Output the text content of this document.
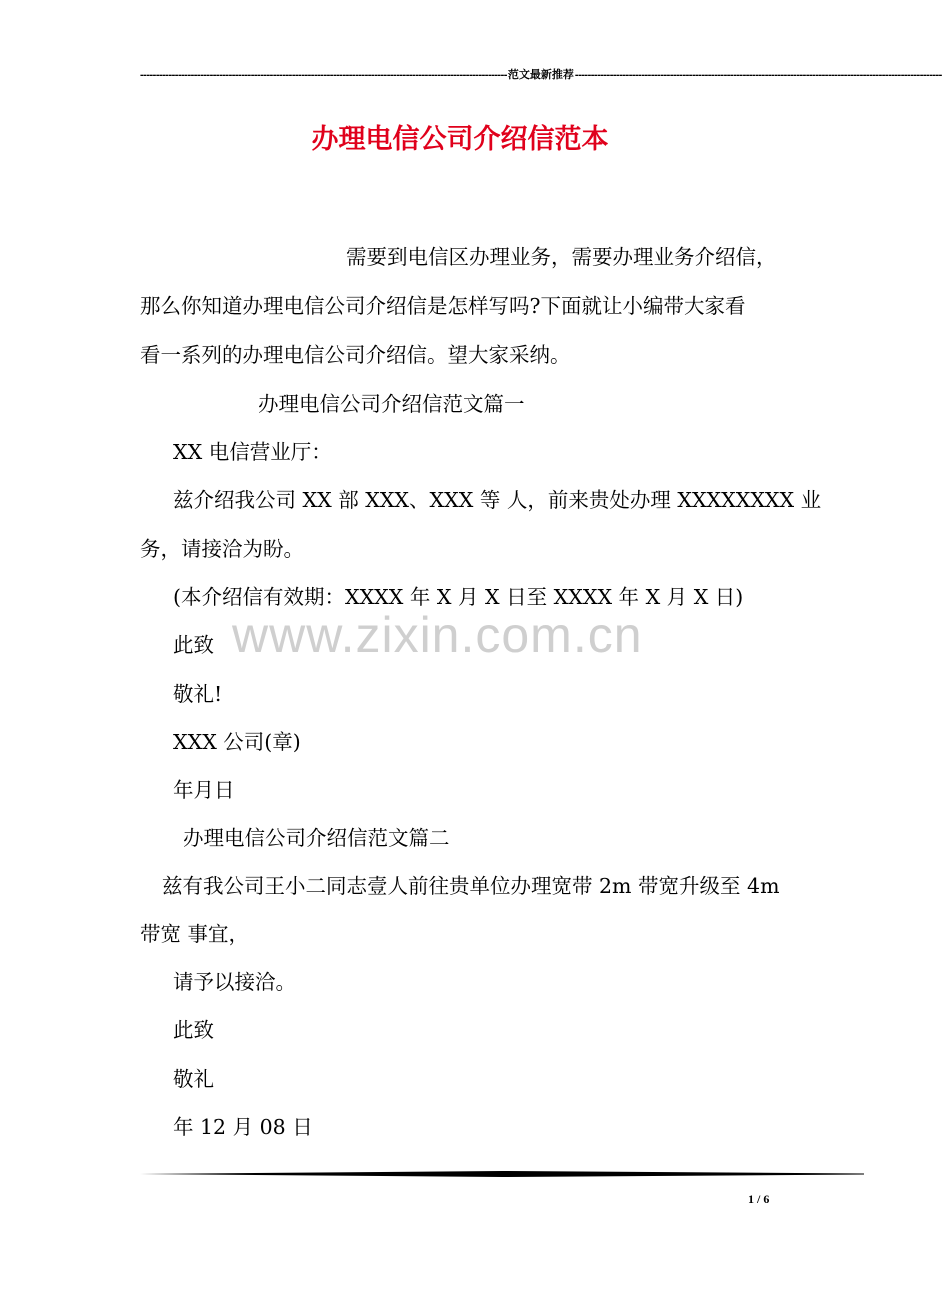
-------------------------------------------------------------------------------------------------------------------- 范文最新推荐 --------------------------------------------------------------------------------------------------------------------
办理电信公司介绍信范本
www.zixin.com.cn
需要到电信区办理业务，需要办理业务介绍信，
那么你知道办理电信公司介绍信是怎样写吗?下面就让小编带大家看
看一系列的办理电信公司介绍信。望大家采纳。
办理电信公司介绍信范文篇一
XX 电信营业厅：
兹介绍我公司 XX 部 XXX、XXX 等 人，前来贵处办理 XXXXXXXX 业
务，请接洽为盼。
(本介绍信有效期：XXXX 年 X 月 X 日至 XXXX 年 X 月 X 日)
此致
敬礼!
XXX 公司(章)
年月日
办理电信公司介绍信范文篇二
兹有我公司王小二同志壹人前往贵单位办理宽带 2m 带宽升级至 4m
带宽 事宜，
请予以接洽。
此致
敬礼
年 12 月 08 日
1 / 6
